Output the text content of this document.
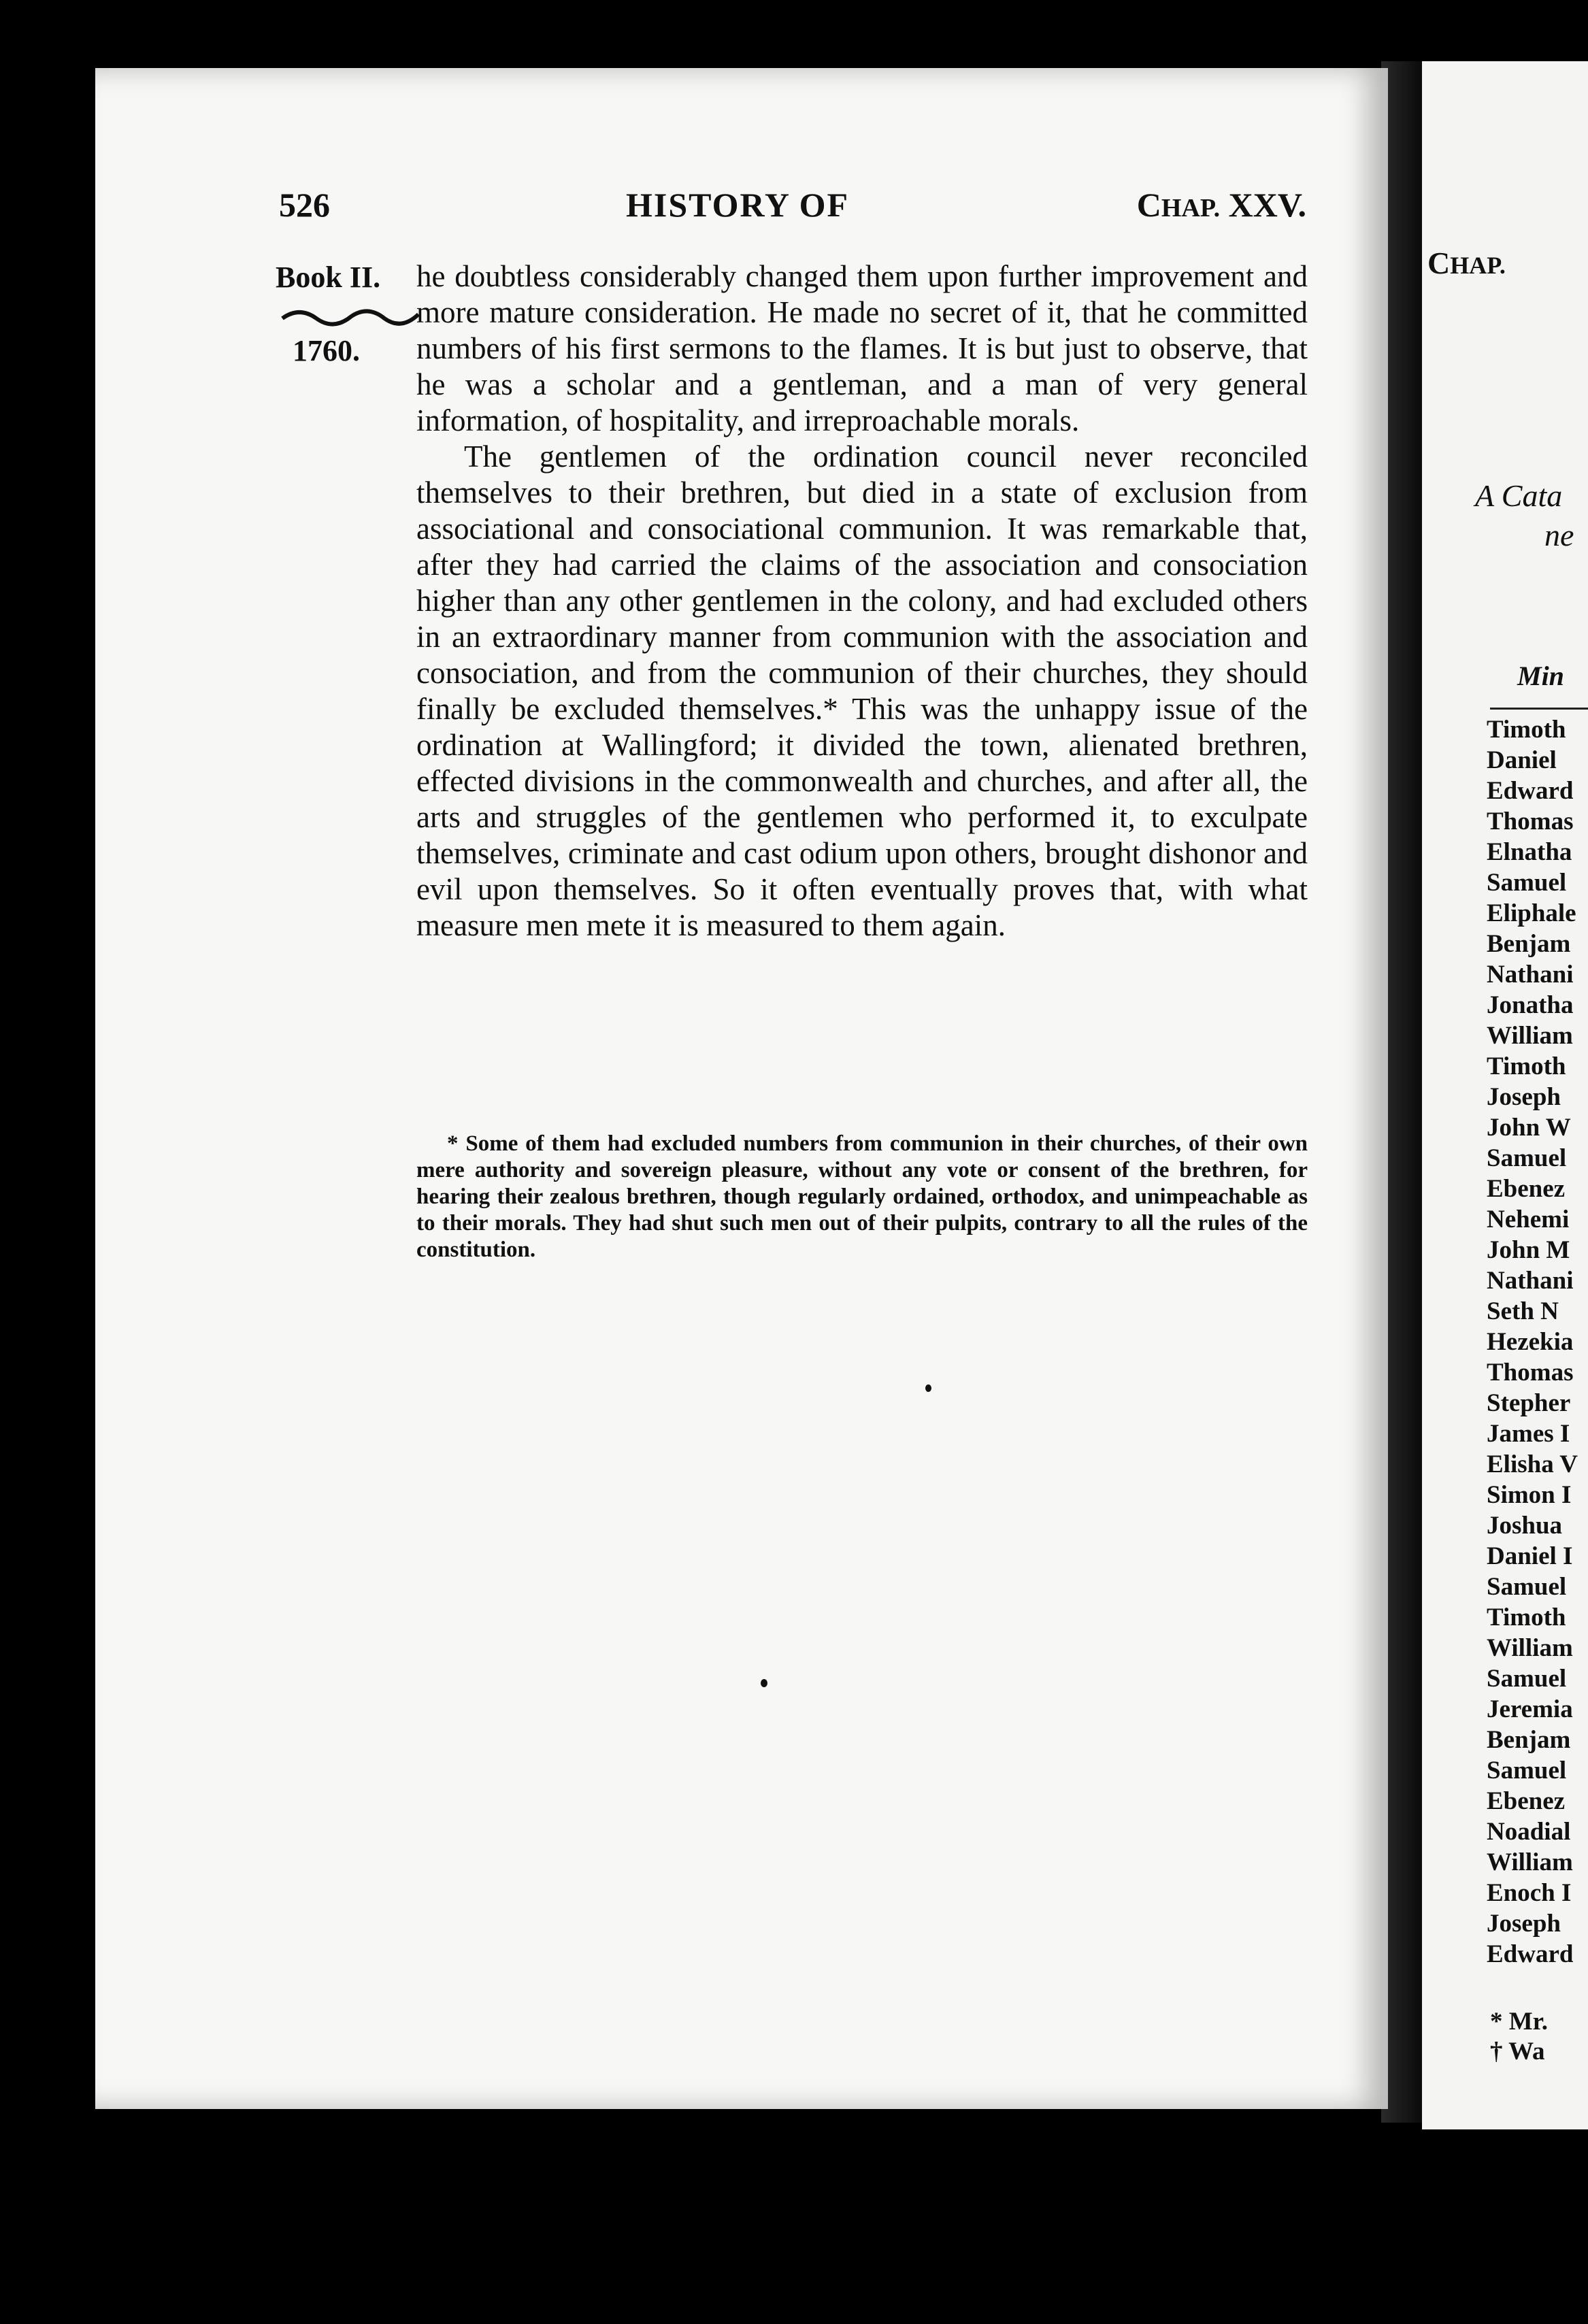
526	HISTORY OF	CHAP. XXV.
Book II.
1760.

he doubtless considerably changed them upon further improvement and more mature consideration. He made no secret of it, that he committed numbers of his first sermons to the flames. It is but just to observe, that he was a scholar and a gentleman, and a man of very general information, of hospitality, and irreproachable morals.

The gentlemen of the ordination council never reconciled themselves to their brethren, but died in a state of exclusion from associational and consociational communion. It was remarkable that, after they had carried the claims of the association and consociation higher than any other gentlemen in the colony, and had excluded others in an extraordinary manner from communion with the association and consociation, and from the communion of their churches, they should finally be excluded themselves.* This was the unhappy issue of the ordination at Wallingford; it divided the town, alienated brethren, effected divisions in the commonwealth and churches, and after all, the arts and struggles of the gentlemen who performed it, to exculpate themselves, criminate and cast odium upon others, brought dishonor and evil upon themselves. So it often eventually proves that, with what measure men mete it is measured to them again.

* Some of them had excluded numbers from communion in their churches, of their own mere authority and sovereign pleasure, without any vote or consent of the brethren, for hearing their zealous brethren, though regularly ordained, orthodox, and unimpeachable as to their morals. They had shut such men out of their pulpits, contrary to all the rules of the constitution.
CHAP.
A Cata
ne
Min
Timoth
Daniel
Edward
Thomas
Elnatha
Samuel
Eliphale
Benjam
Nathani
Jonatha
William
Timoth
Joseph
John W
Samuel
Ebenez
Nehemi
John M
Nathani
Seth N
Hezekia
Thomas
Stepher
James I
Elisha V
Simon I
Joshua
Daniel I
Samuel
Timoth
William
Samuel
Jeremia
Benjam
Samuel
Ebenez
Noadial
William
Enoch I
Joseph
Edward
* Mr.
† Wa
